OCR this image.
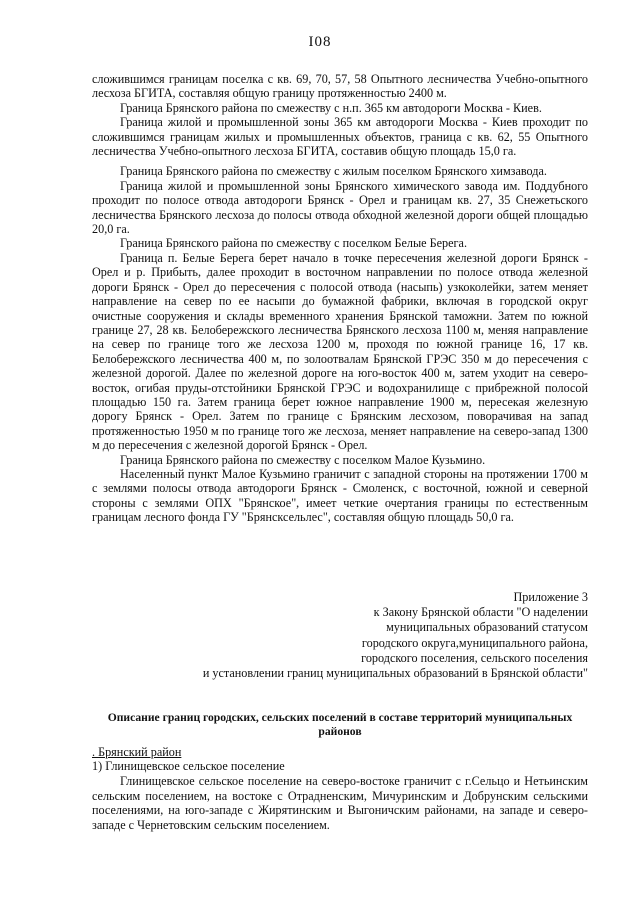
I08

сложившимся границам поселка с кв. 69, 70, 57, 58 Опытного лесничества Учебно-опытного лесхоза БГИТА, составляя общую границу протяженностью 2400 м.

Граница Брянского района по смежеству с н.п. 365 км автодороги Москва - Киев.

Граница жилой и промышленной зоны 365 км автодороги Москва - Киев проходит по сложившимся границам жилых и промышленных объектов, граница с кв. 62, 55 Опытного лесничества Учебно-опытного лесхоза БГИТА, составив общую площадь 15,0 га.

Граница Брянского района по смежеству с жилым поселком Брянского химзавода.

Граница жилой и промышленной зоны Брянского химического завода им. Поддубного проходит по полосе отвода автодороги Брянск - Орел и границам кв. 27, 35 Снежетьского лесничества Брянского лесхоза до полосы отвода обходной железной дороги общей площадью 20,0 га.

Граница Брянского района по смежеству с поселком Белые Берега.

Граница п. Белые Берега берет начало в точке пересечения железной дороги Брянск - Орел и р. Прибыть, далее проходит в восточном направлении по полосе отвода железной дороги Брянск - Орел до пересечения с полосой отвода (насыпь) узкоколейки, затем меняет направление на север по ее насыпи до бумажной фабрики, включая в городской округ очистные сооружения и склады временного хранения Брянской таможни. Затем по южной границе 27, 28 кв. Белобережского лесничества Брянского лесхоза 1100 м, меняя направление на север по границе того же лесхоза 1200 м, проходя по южной границе 16, 17 кв. Белобережского лесничества 400 м, по золоотвалам Брянской ГРЭС 350 м до пересечения с железной дорогой. Далее по железной дороге на юго-восток 400 м, затем уходит на северо-восток, огибая пруды-отстойники Брянской ГРЭС и водохранилище с прибрежной полосой площадью 150 га. Затем граница берет южное направление 1900 м, пересекая железную дорогу Брянск - Орел. Затем по границе с Брянским лесхозом, поворачивая на запад протяженностью 1950 м по границе того же лесхоза, меняет направление на северо-запад 1300 м до пересечения с железной дорогой Брянск - Орел.

Граница Брянского района по смежеству с поселком Малое Кузьмино.

Населенный пункт Малое Кузьмино граничит с западной стороны на протяжении 1700 м с землями полосы отвода автодороги Брянск - Смоленск, с восточной, южной и северной стороны с землями ОПХ "Брянское", имеет четкие очертания границы по естественным границам лесного фонда ГУ "Брянсксельлес", составляя общую площадь 50,0 га.

Приложение 3
к Закону Брянской области "О наделении
муниципальных образований статусом
городского округа,муниципального района,
городского поселения, сельского поселения
и установлении границ муниципальных образований в Брянской области"
Описание границ городских, сельских поселений в составе территорий муниципальных районов
. Брянский район
1) Глинищевское сельское поселение

Глинищевское сельское поселение на северо-востоке граничит с г.Сельцо и Нетьинским сельским поселением, на востоке с Отрадненским, Мичуринским и Добрунским сельскими поселениями, на юго-западе с Жирятинским и Выгоничским районами, на западе и северо-западе с Чернетовским сельским поселением.
